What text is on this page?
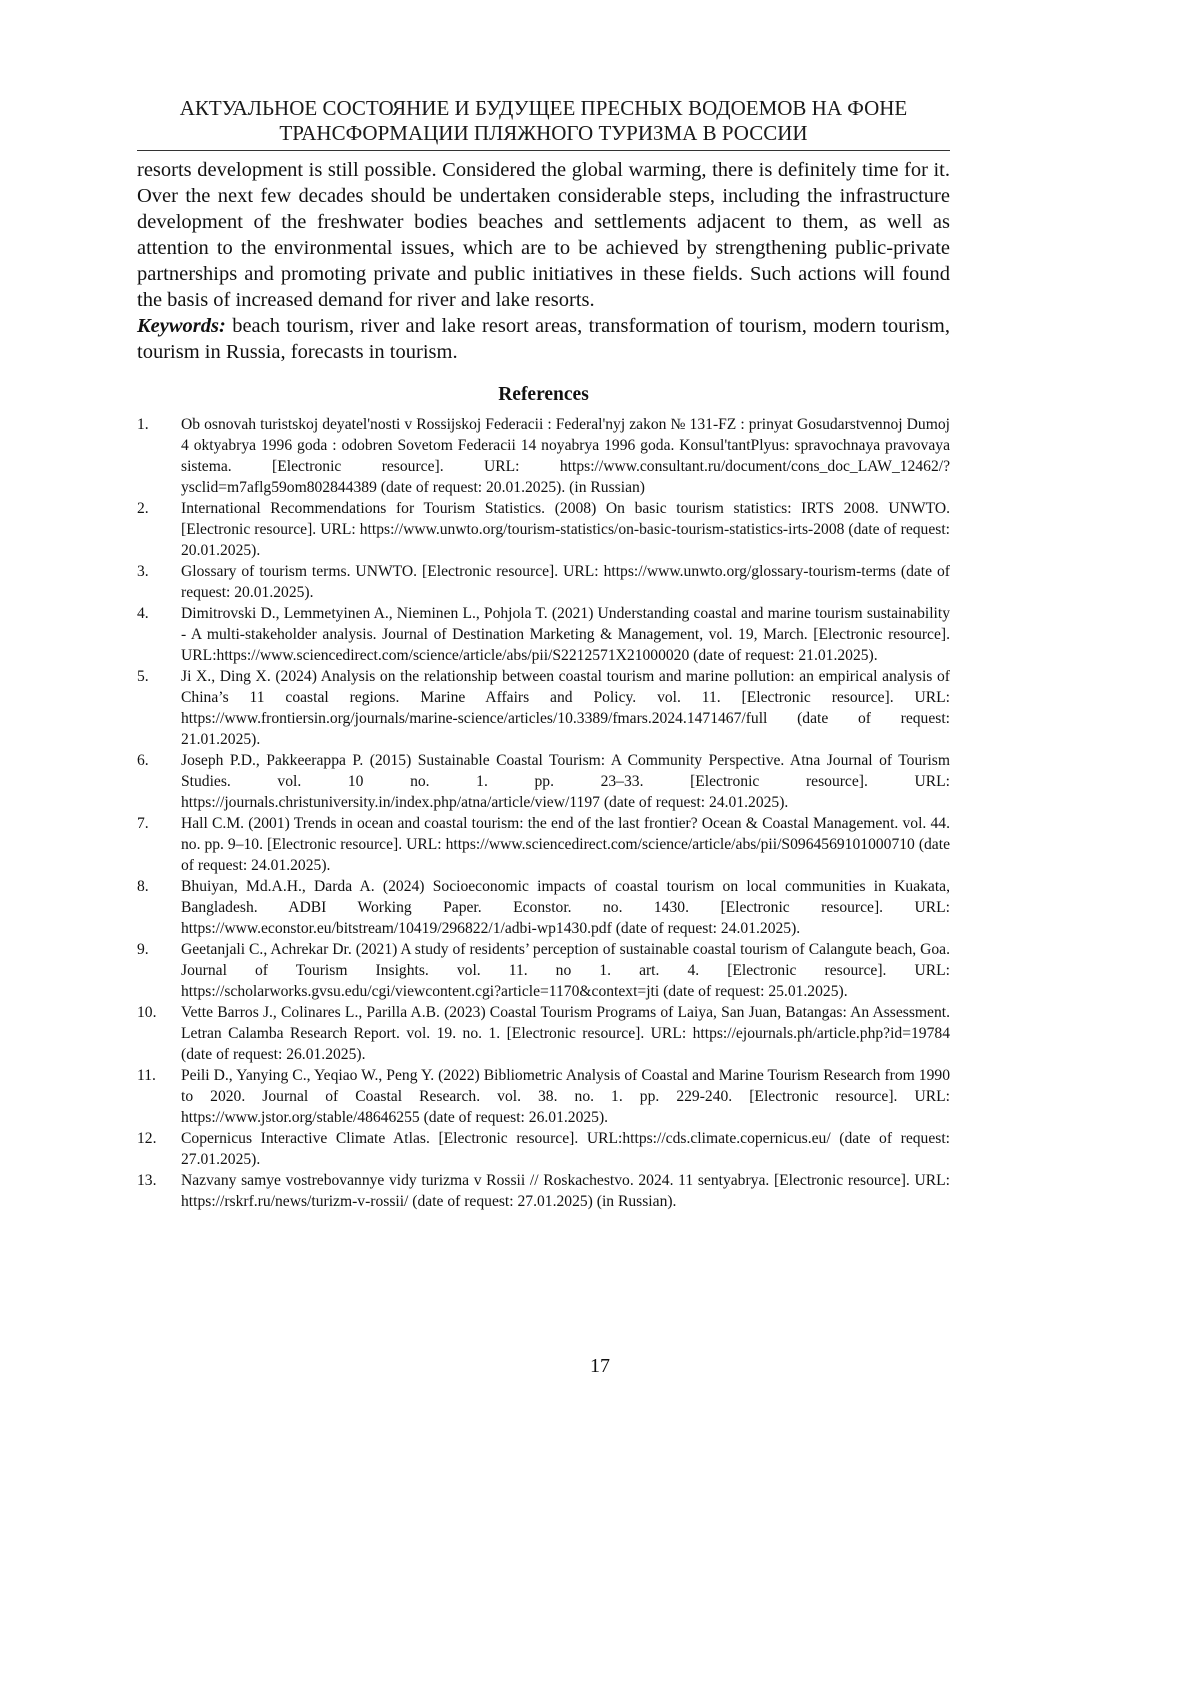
АКТУАЛЬНОЕ СОСТОЯНИЕ И БУДУЩЕЕ ПРЕСНЫХ ВОДОЕМОВ НА ФОНЕ
ТРАНСФОРМАЦИИ ПЛЯЖНОГО ТУРИЗМА В РОССИИ

resorts development is still possible. Considered the global warming, there is definitely time for it. Over the next few decades should be undertaken considerable steps, including the infrastructure development of the freshwater bodies beaches and settlements adjacent to them, as well as attention to the environmental issues, which are to be achieved by strengthening public-private partnerships and promoting private and public initiatives in these fields. Such actions will found the basis of increased demand for river and lake resorts.

Keywords: beach tourism, river and lake resort areas, transformation of tourism, modern tourism, tourism in Russia, forecasts in tourism.

References
1. Ob osnovah turistskoj deyatel'nosti v Rossijskoj Federacii : Federal'nyj zakon № 131-FZ : prinyat Gosudarstvennoj Dumoj 4 oktyabrya 1996 goda : odobren Sovetom Federacii 14 noyabrya 1996 goda. Konsul'tantPlyus: spravochnaya pravovaya sistema. [Electronic resource]. URL: https://www.consultant.ru/document/cons_doc_LAW_12462/?ysclid=m7aflg59om802844389 (date of request: 20.01.2025). (in Russian)
2. International Recommendations for Tourism Statistics. (2008) On basic tourism statistics: IRTS 2008. UNWTO. [Electronic resource]. URL: https://www.unwto.org/tourism-statistics/on-basic-tourism-statistics-irts-2008 (date of request: 20.01.2025).
3. Glossary of tourism terms. UNWTO. [Electronic resource]. URL: https://www.unwto.org/glossary-tourism-terms (date of request: 20.01.2025).
4. Dimitrovski D., Lemmetyinen A., Nieminen L., Pohjola T. (2021) Understanding coastal and marine tourism sustainability - A multi-stakeholder analysis. Journal of Destination Marketing & Management, vol. 19, March. [Electronic resource]. URL:https://www.sciencedirect.com/science/article/abs/pii/S2212571X21000020 (date of request: 21.01.2025).
5. Ji X., Ding X. (2024) Analysis on the relationship between coastal tourism and marine pollution: an empirical analysis of China’s 11 coastal regions. Marine Affairs and Policy. vol. 11. [Electronic resource]. URL: https://www.frontiersin.org/journals/marine-science/articles/10.3389/fmars.2024.1471467/full (date of request: 21.01.2025).
6. Joseph P.D., Pakkeerappa P. (2015) Sustainable Coastal Tourism: A Community Perspective. Atna Journal of Tourism Studies. vol. 10 no. 1. pp. 23–33. [Electronic resource]. URL: https://journals.christuniversity.in/index.php/atna/article/view/1197 (date of request: 24.01.2025).
7. Hall C.M. (2001) Trends in ocean and coastal tourism: the end of the last frontier? Ocean & Coastal Management. vol. 44. no. pp. 9–10. [Electronic resource]. URL: https://www.sciencedirect.com/science/article/abs/pii/S0964569101000710 (date of request: 24.01.2025).
8. Bhuiyan, Md.A.H., Darda A. (2024) Socioeconomic impacts of coastal tourism on local communities in Kuakata, Bangladesh. ADBI Working Paper. Econstor. no. 1430. [Electronic resource]. URL: https://www.econstor.eu/bitstream/10419/296822/1/adbi-wp1430.pdf (date of request: 24.01.2025).
9. Geetanjali C., Achrekar Dr. (2021) A study of residents’ perception of sustainable coastal tourism of Calangute beach, Goa. Journal of Tourism Insights. vol. 11. no 1. art. 4. [Electronic resource]. URL: https://scholarworks.gvsu.edu/cgi/viewcontent.cgi?article=1170&context=jti (date of request: 25.01.2025).
10. Vette Barros J., Colinares L., Parilla A.B. (2023) Coastal Tourism Programs of Laiya, San Juan, Batangas: An Assessment. Letran Calamba Research Report. vol. 19. no. 1. [Electronic resource]. URL: https://ejournals.ph/article.php?id=19784 (date of request: 26.01.2025).
11. Peili D., Yanying C., Yeqiao W., Peng Y. (2022) Bibliometric Analysis of Coastal and Marine Tourism Research from 1990 to 2020. Journal of Coastal Research. vol. 38. no. 1. pp. 229-240. [Electronic resource]. URL: https://www.jstor.org/stable/48646255 (date of request: 26.01.2025).
12. Copernicus Interactive Climate Atlas. [Electronic resource]. URL:https://cds.climate.copernicus.eu/ (date of request: 27.01.2025).
13. Nazvany samye vostrebovannye vidy turizma v Rossii // Roskachestvo. 2024. 11 sentyabrya. [Electronic resource]. URL: https://rskrf.ru/news/turizm-v-rossii/ (date of request: 27.01.2025) (in Russian).
17
